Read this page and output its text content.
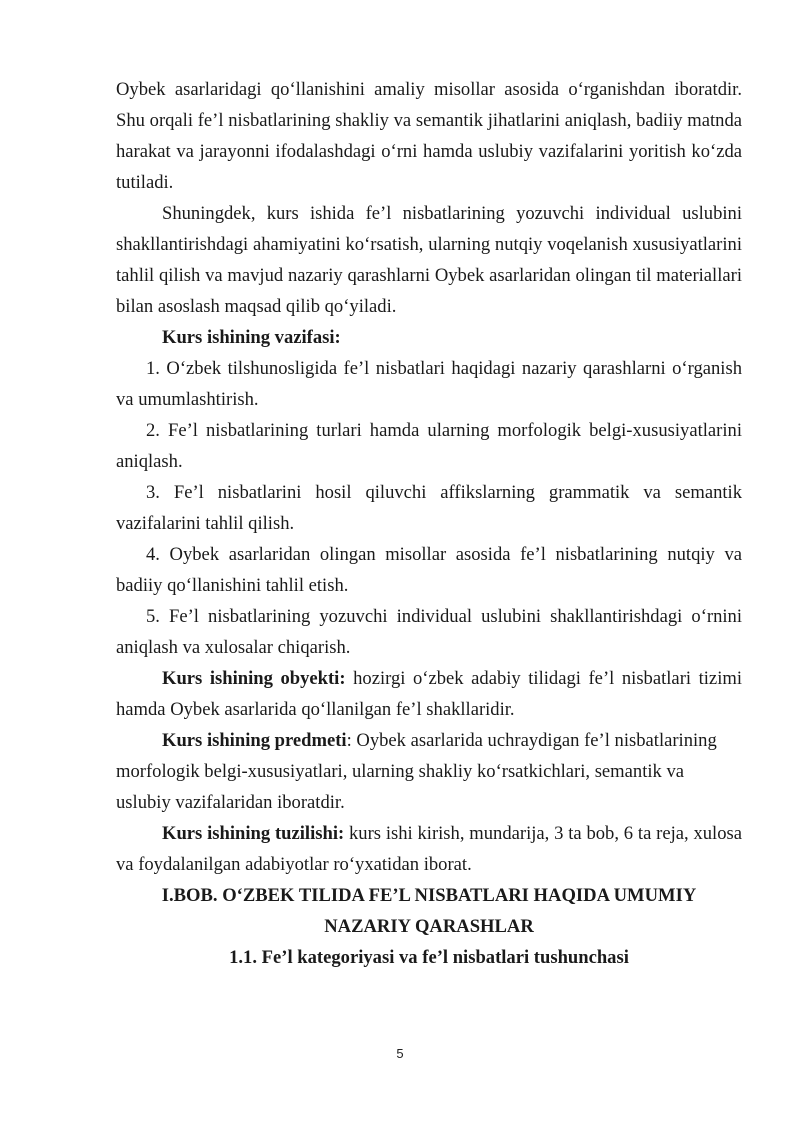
Oybek asarlaridagi qo‘llanishini amaliy misollar asosida o‘rganishdan iboratdir. Shu orqali fe’l nisbatlarining shakliy va semantik jihatlarini aniqlash, badiiy matnda harakat va jarayonni ifodalashdagi o‘rni hamda uslubiy vazifalarini yoritish ko‘zda tutiladi.

Shuningdek, kurs ishida fe’l nisbatlarining yozuvchi individual uslubini shakllantirishdagi ahamiyatini ko‘rsatish, ularning nutqiy voqelanish xususiyatlarini tahlil qilish va mavjud nazariy qarashlarni Oybek asarlaridan olingan til materiallari bilan asoslash maqsad qilib qo‘yiladi.

Kurs ishining vazifasi:

1. O‘zbek tilshunosligida fe’l nisbatlari haqidagi nazariy qarashlarni o‘rganish va umumlashtirish.

2. Fe’l nisbatlarining turlari hamda ularning morfologik belgi-xususiyatlarini aniqlash.

3. Fe’l nisbatlarini hosil qiluvchi affikslarning grammatik va semantik vazifalarini tahlil qilish.

4. Oybek asarlaridan olingan misollar asosida fe’l nisbatlarining nutqiy va badiiy qo‘llanishini tahlil etish.

5. Fe’l nisbatlarining yozuvchi individual uslubini shakllantirishdagi o‘rnini aniqlash va xulosalar chiqarish.

Kurs ishining obyekti: hozirgi o‘zbek adabiy tilidagi fe’l nisbatlari tizimi hamda Oybek asarlarida qo‘llanilgan fe’l shakllaridir.

Kurs ishining predmeti: Oybek asarlarida uchraydigan fe’l nisbatlarining morfologik belgi-xususiyatlari, ularning shakliy ko‘rsatkichlari, semantik va uslubiy vazifalaridan iboratdir.

Kurs ishining tuzilishi: kurs ishi kirish, mundarija, 3 ta bob, 6 ta reja, xulosa va foydalanilgan adabiyotlar ro‘yxatidan iborat.

I.BOB. O‘ZBEK TILIDA FE’L NISBATLARI HAQIDA UMUMIY

NAZARIY QARASHLAR

1.1. Fe’l kategoriyasi va fe’l nisbatlari tushunchasi

5
